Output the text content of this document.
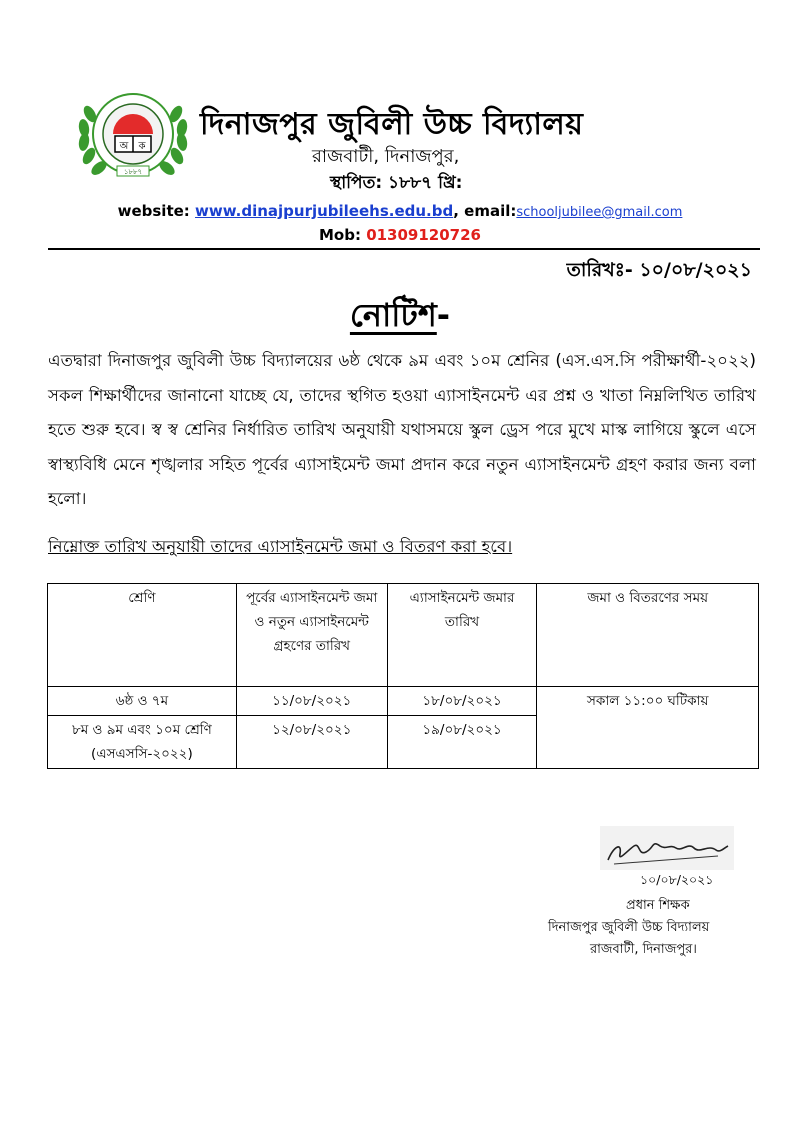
অ ক
১৮৮৭
দিনাজপুর জুবিলী উচ্চ বিদ্যালয়
রাজবাটী, দিনাজপুর,
স্থাপিত: ১৮৮৭ খ্রি:
website: www.dinajpurjubileehs.edu.bd, email:schooljubilee@gmail.com
Mob: 01309120726
তারিখঃ- ১০/০৮/২০২১
নোটিশ-
এতদ্বারা দিনাজপুর জুবিলী উচ্চ বিদ্যালয়ের ৬ষ্ঠ থেকে ৯ম এবং ১০ম শ্রেনির (এস.এস.সি পরীক্ষার্থী-২০২২) সকল শিক্ষার্থীদের জানানো যাচ্ছে যে, তাদের স্থগিত হওয়া এ্যাসাইনমেন্ট এর প্রশ্ন ও খাতা নিম্নলিখিত তারিখ হতে শুরু হবে। স্ব স্ব শ্রেনির নির্ধারিত তারিখ অনুযায়ী যথাসময়ে স্কুল ড্রেস পরে মুখে মাস্ক লাগিয়ে স্কুলে এসে স্বাস্থ্যবিধি মেনে শৃঙ্খলার সহিত পূর্বের এ্যাসাইমেন্ট জমা প্রদান করে নতুন এ্যাসাইনমেন্ট গ্রহণ করার জন্য বলা হলো।
নিম্নোক্ত তারিখ অনুযায়ী তাদের এ্যাসাইনমেন্ট জমা ও বিতরণ করা হবে।
শ্রেণি	পূর্বের এ্যাসাইনমেন্ট জমা ও নতুন এ্যাসাইনমেন্ট গ্রহণের তারিখ	এ্যাসাইনমেন্ট জমার তারিখ	জমা ও বিতরণের সময়
৬ষ্ঠ ও ৭ম	১১/০৮/২০২১	১৮/০৮/২০২১	সকাল ১১:০০ ঘটিকায়
৮ম ও ৯ম এবং ১০ম শ্রেণি (এসএসসি-২০২২)	১২/০৮/২০২১	১৯/০৮/২০২১	
১০/০৮/২০২১
প্রধান শিক্ষক
দিনাজপুর জুবিলী উচ্চ বিদ্যালয়
রাজবাটী, দিনাজপুর।
